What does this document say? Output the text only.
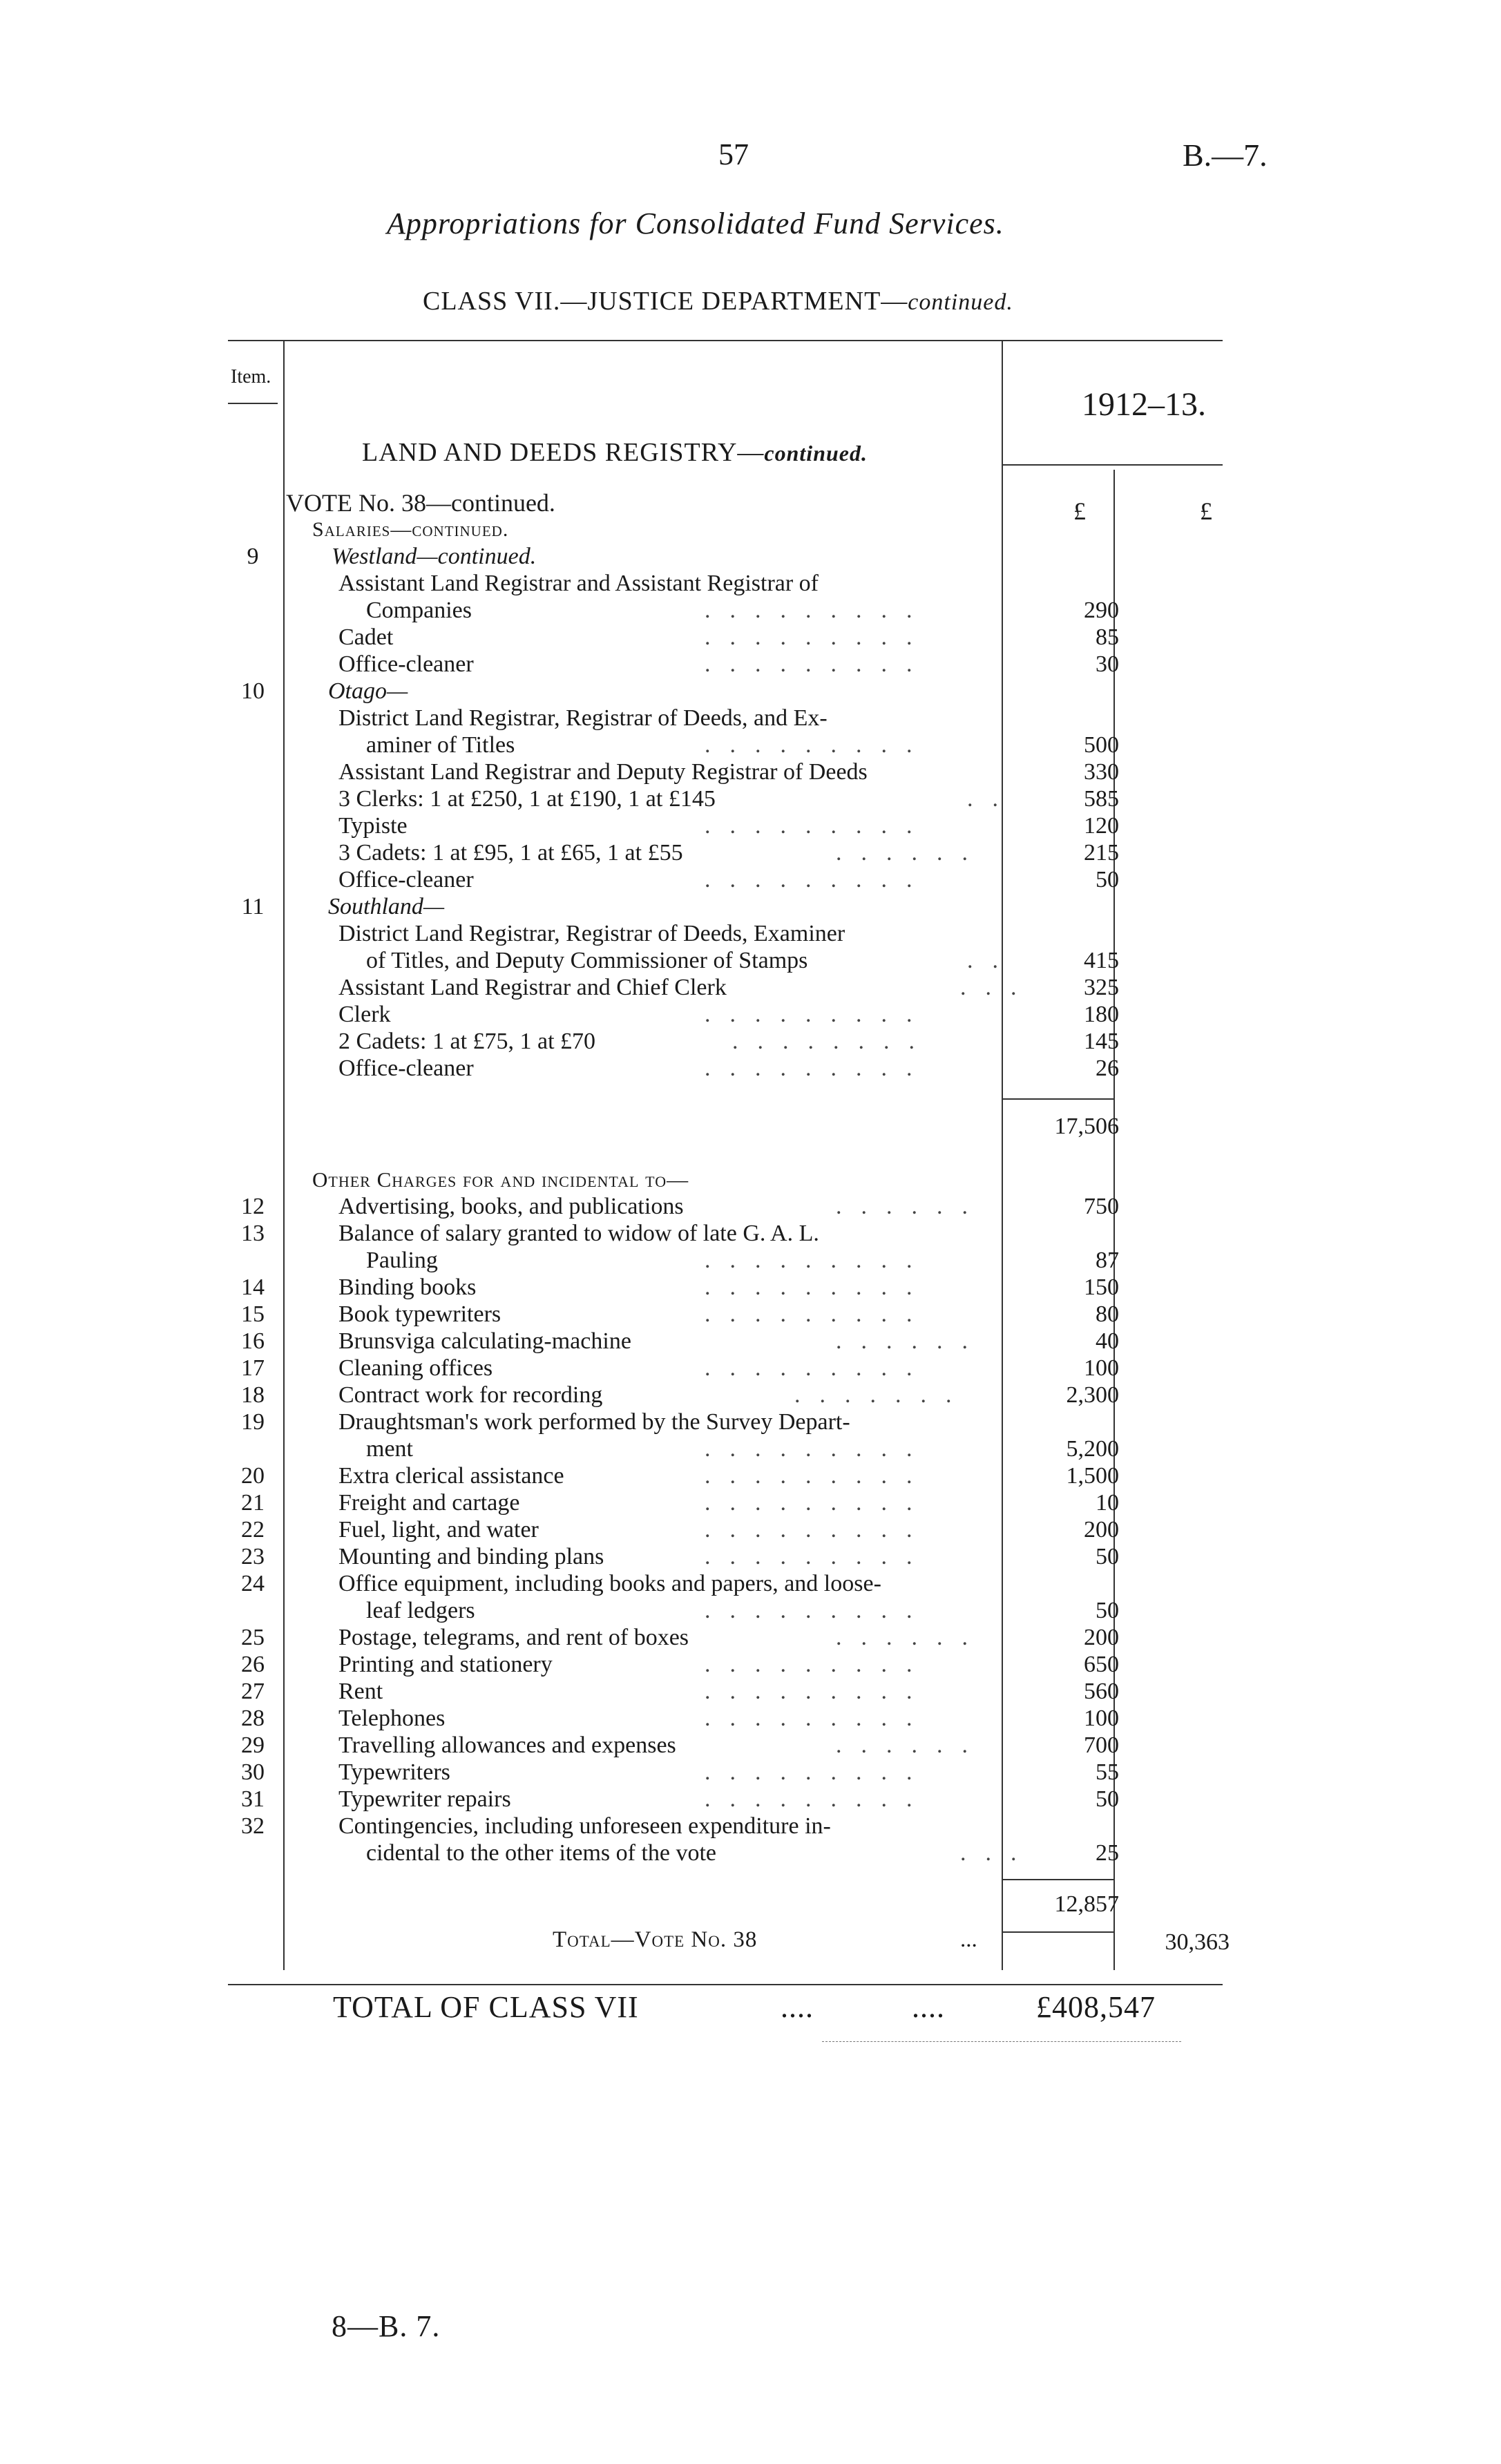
57	B.—7.
Appropriations for Consolidated Fund Services.
CLASS VII.—JUSTICE DEPARTMENT—continued.
Item.
1912–13.
LAND AND DEEDS REGISTRY—continued.
£	£
VOTE No. 38—continued.
Salaries—continued.
9	Westland—continued.
Assistant Land Registrar and Assistant Registrar of
Companies	.........	290
Cadet	.........	85
Office-cleaner	.........	30
10	Otago—
District Land Registrar, Registrar of Deeds, and Ex-
aminer of Titles	.........	500
Assistant Land Registrar and Deputy Registrar of Deeds	330
3 Clerks: 1 at £250, 1 at £190, 1 at £145	..	585
Typiste	.........	120
3 Cadets: 1 at £95, 1 at £65, 1 at £55	......	215
Office-cleaner	.........	50
11	Southland—
District Land Registrar, Registrar of Deeds, Examiner
of Titles, and Deputy Commissioner of Stamps	..	415
Assistant Land Registrar and Chief Clerk	... 325
Clerk	.........	180
2 Cadets: 1 at £75, 1 at £70	........	145
Office-cleaner	.........	26
Other Charges for and incidental to—
12	Advertising, books, and publications	......	750
13	Balance of salary granted to widow of late G. A. L.
Pauling	.........	87
14	Binding books	.........	150
15	Book typewriters	.........	80
16	Brunsviga calculating-machine	......	40
17	Cleaning offices	.........	100
18	Contract work for recording	.......	2,300
19	Draughtsman's work performed by the Survey Depart-
ment	.........	5,200
20	Extra clerical assistance	.........	1,500
21	Freight and cartage	.........	10
22	Fuel, light, and water	.........	200
23	Mounting and binding plans	.........	50
24	Office equipment, including books and papers, and loose-
leaf ledgers	.........	50
25	Postage, telegrams, and rent of boxes	......	200
26	Printing and stationery	.........	650
27	Rent	.........	560
28	Telephones	.........	100
29	Travelling allowances and expenses	......	700
30	Typewriters	.........	55
31	Typewriter repairs	.........	50
32	Contingencies, including unforeseen expenditure in-
cidental to the other items of the vote	...	25
17,506
12,857
Total—Vote No. 38	...	30,363
TOTAL OF CLASS VII	....	....	£408,547
8—B. 7.
